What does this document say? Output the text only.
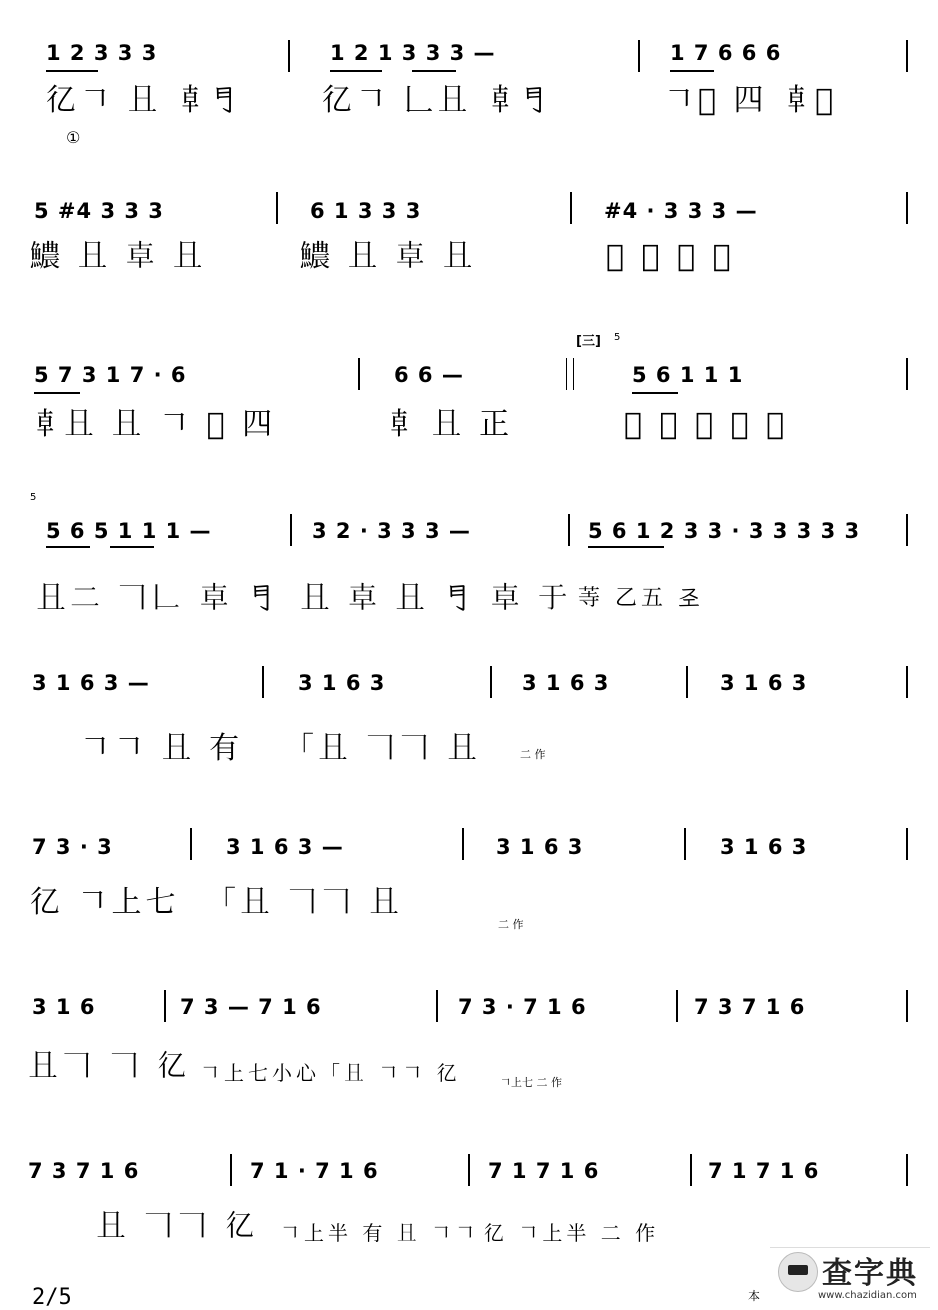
1 2 3 3 3	1 2 1 3 3 3 —	1 7 6 6 6
𢒼𠃍 𠀇 𠦝𠃛	𢒼𠃍 𠃊𠀇 𠦝𠃛	𠃍𦊈 四 𠦝𠃛
①
5 #4 3 3 3	6 1 3 3 3	#4 · 3 3 3 —
𩼅 𠀇 𠦝 𠀇	𩼅 𠀇 𠦝 𠀇	𦊈 𠀇 𠦝 𠀇
[三] 5
5 7 3 1 7 · 6	6 6 —	5 6 1 1 1
𠦝𠀇 𠀇 𠃍 𦊈 四	𠦝 𠀇 正	𦊈 𠃍 𠀇 𠦝 𠃛
5
5 6 5 1 1 1 —	3 2 · 3 3 3 —	5 6 1 2 3 3 · 3 3 3 3 3
𠀇二 𠃍𠃊 𠦝 𠃛 𠀇 𠦝 𠀇 𠃛 𠦝 于 䓁 乙五 𢀖
3 1 6 3 —	3 1 6 3	3 1 6 3	3 1 6 3
𠃍𠃍 𠀇 有 「𠀇 𠃍𠃍 𠀇	二 作
7 3 · 3	3 1 6 3 —	3 1 6 3	3 1 6 3
𢒼 𠃍上七 「𠀇 𠃍𠃍 𠀇
二 作
3 1 6	7 3 — 7 1 6	7 3 · 7 1 6	7 3 7 1 6
𠀇𠃍 𠃍 𢒼 𠃍上七小心「𠀇 𠃍𠃍 𢒼	𠃍上七 二 作
7 3 7 1 6	7 1 · 7 1 6	7 1 7 1 6	7 1 7 1 6
𠀇 𠃍𠃍 𢒼 𠃍上半 有 𠀇 𠃍𠃍 𢒼 𠃍上半 二 作
2/5	本
查字典
www.chazidian.com
